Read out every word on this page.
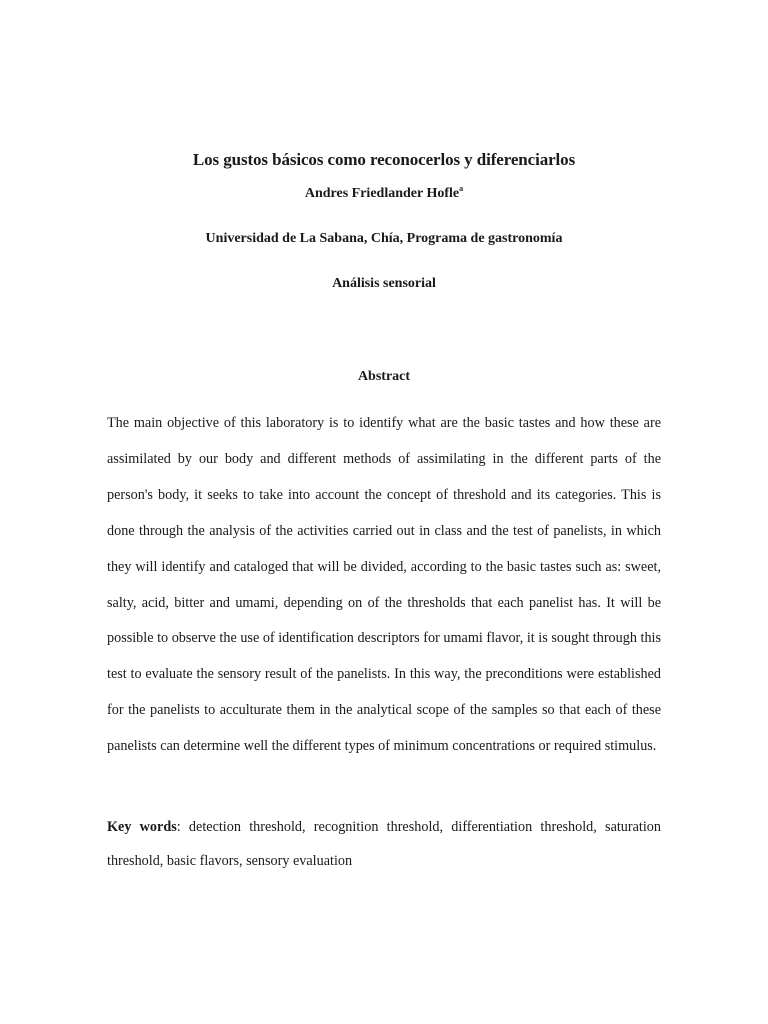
Los gustos básicos como reconocerlos y diferenciarlos
Andres Friedlander Hofle$^a$
Universidad de La Sabana, Chía, Programa de gastronomía
Análisis sensorial
Abstract
The main objective of this laboratory is to identify what are the basic tastes and how these are assimilated by our body and different methods of assimilating in the different parts of the person's body, it seeks to take into account the concept of threshold and its categories. This is done through the analysis of the activities carried out in class and the test of panelists, in which they will identify and cataloged that will be divided, according to the basic tastes such as: sweet, salty, acid, bitter and umami, depending on of the thresholds that each panelist has. It will be possible to observe the use of identification descriptors for umami flavor, it is sought through this test to evaluate the sensory result of the panelists. In this way, the preconditions were established for the panelists to acculturate them in the analytical scope of the samples so that each of these panelists can determine well the different types of minimum concentrations or required stimulus.
Key words: detection threshold, recognition threshold, differentiation threshold, saturation threshold, basic flavors, sensory evaluation
